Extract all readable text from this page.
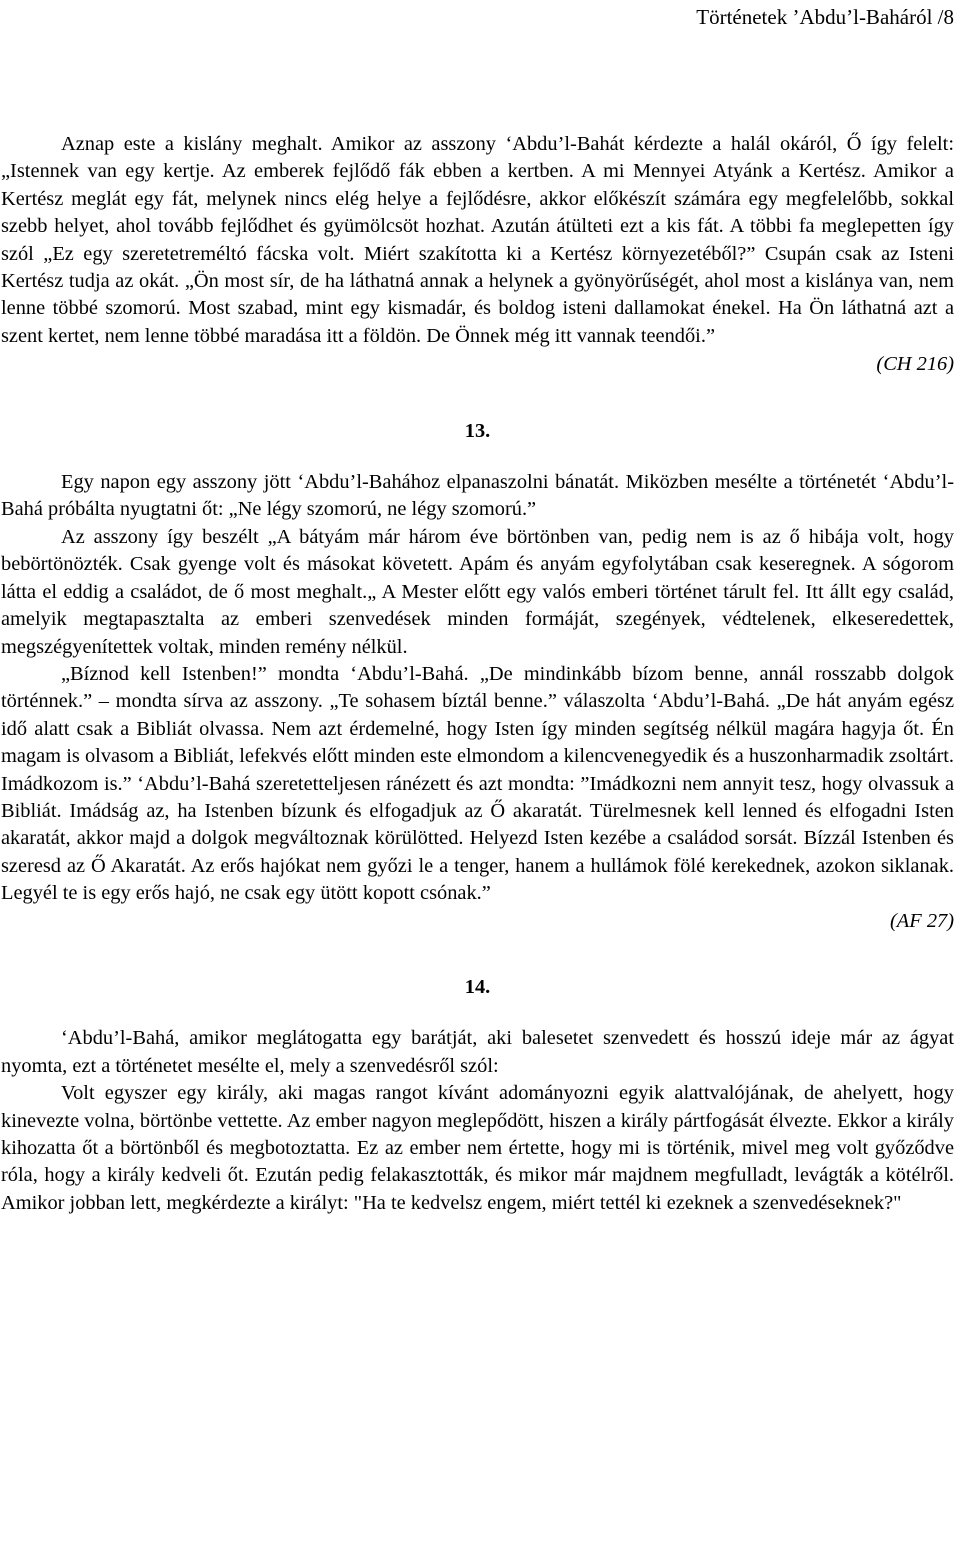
Történetek ’Abdu’l-Baháról /8

Aznap este a kislány meghalt. Amikor az asszony ‘Abdu’l-Bahát kérdezte a halál okáról, Ő így felelt: „Istennek van egy kertje. Az emberek fejlődő fák ebben a kertben. A mi Mennyei Atyánk a Kertész. Amikor a Kertész meglát egy fát, melynek nincs elég helye a fejlődésre, akkor előkészít számára egy megfelelőbb, sokkal szebb helyet, ahol tovább fejlődhet és gyümölcsöt hozhat. Azután átülteti ezt a kis fát. A többi fa meglepetten így szól „Ez egy szeretetreméltó fácska volt. Miért szakította ki a Kertész környezetéből?” Csupán csak az Isteni Kertész tudja az okát. „Ön most sír, de ha láthatná annak a helynek a gyönyörűségét, ahol most a kislánya van, nem lenne többé szomorú. Most szabad, mint egy kismadár, és boldog isteni dallamokat énekel. Ha Ön láthatná azt a szent kertet, nem lenne többé maradása itt a földön. De Önnek még itt vannak teendői.”

(CH 216)

13.

Egy napon egy asszony jött ‘Abdu’l-Bahához elpanaszolni bánatát. Miközben mesélte a történetét ‘Abdu’l-Bahá próbálta nyugtatni őt: „Ne légy szomorú, ne légy szomorú.”

Az asszony így beszélt „A bátyám már három éve börtönben van, pedig nem is az ő hibája volt, hogy bebörtönözték. Csak gyenge volt és másokat követett. Apám és anyám egyfolytában csak keseregnek. A sógorom látta el eddig a családot, de ő most meghalt.„ A Mester előtt egy valós emberi történet tárult fel. Itt állt egy család, amelyik megtapasztalta az emberi szenvedések minden formáját, szegények, védtelenek, elkeseredettek, megszégyenítettek voltak, minden remény nélkül.

„Bíznod kell Istenben!” mondta ‘Abdu’l-Bahá. „De mindinkább bízom benne, annál rosszabb dolgok történnek.” – mondta sírva az asszony. „Te sohasem bíztál benne.” válaszolta ‘Abdu’l-Bahá. „De hát anyám egész idő alatt csak a Bibliát olvassa. Nem azt érdemelné, hogy Isten így minden segítség nélkül magára hagyja őt. Én magam is olvasom a Bibliát, lefekvés előtt minden este elmondom a kilencvenegyedik és a huszonharmadik zsoltárt. Imádkozom is.” ‘Abdu’l-Bahá szeretetteljesen ránézett és azt mondta: ”Imádkozni nem annyit tesz, hogy olvassuk a Bibliát. Imádság az, ha Istenben bízunk és elfogadjuk az Ő akaratát. Türelmesnek kell lenned és elfogadni Isten akaratát, akkor majd a dolgok megváltoznak körülötted. Helyezd Isten kezébe a családod sorsát. Bízzál Istenben és szeresd az Ő Akaratát. Az erős hajókat nem győzi le a tenger, hanem a hullámok fölé kerekednek, azokon siklanak. Legyél te is egy erős hajó, ne csak egy ütött kopott csónak.”

(AF 27)

14.

‘Abdu’l-Bahá, amikor meglátogatta egy barátját, aki balesetet szenvedett és hosszú ideje már az ágyat nyomta, ezt a történetet mesélte el, mely a szenvedésről szól:

Volt egyszer egy király, aki magas rangot kívánt adományozni egyik alattvalójának, de ahelyett, hogy kinevezte volna, börtönbe vettette. Az ember nagyon meglepődött, hiszen a király pártfogását élvezte. Ekkor a király kihozatta őt a börtönből és megbotoztatta. Ez az ember nem értette, hogy mi is történik, mivel meg volt győződve róla, hogy a király kedveli őt. Ezután pedig felakasztották, és mikor már majdnem megfulladt, levágták a kötélről. Amikor jobban lett, megkérdezte a királyt: "Ha te kedvelsz engem, miért tettél ki ezeknek a szenvedéseknek?"
